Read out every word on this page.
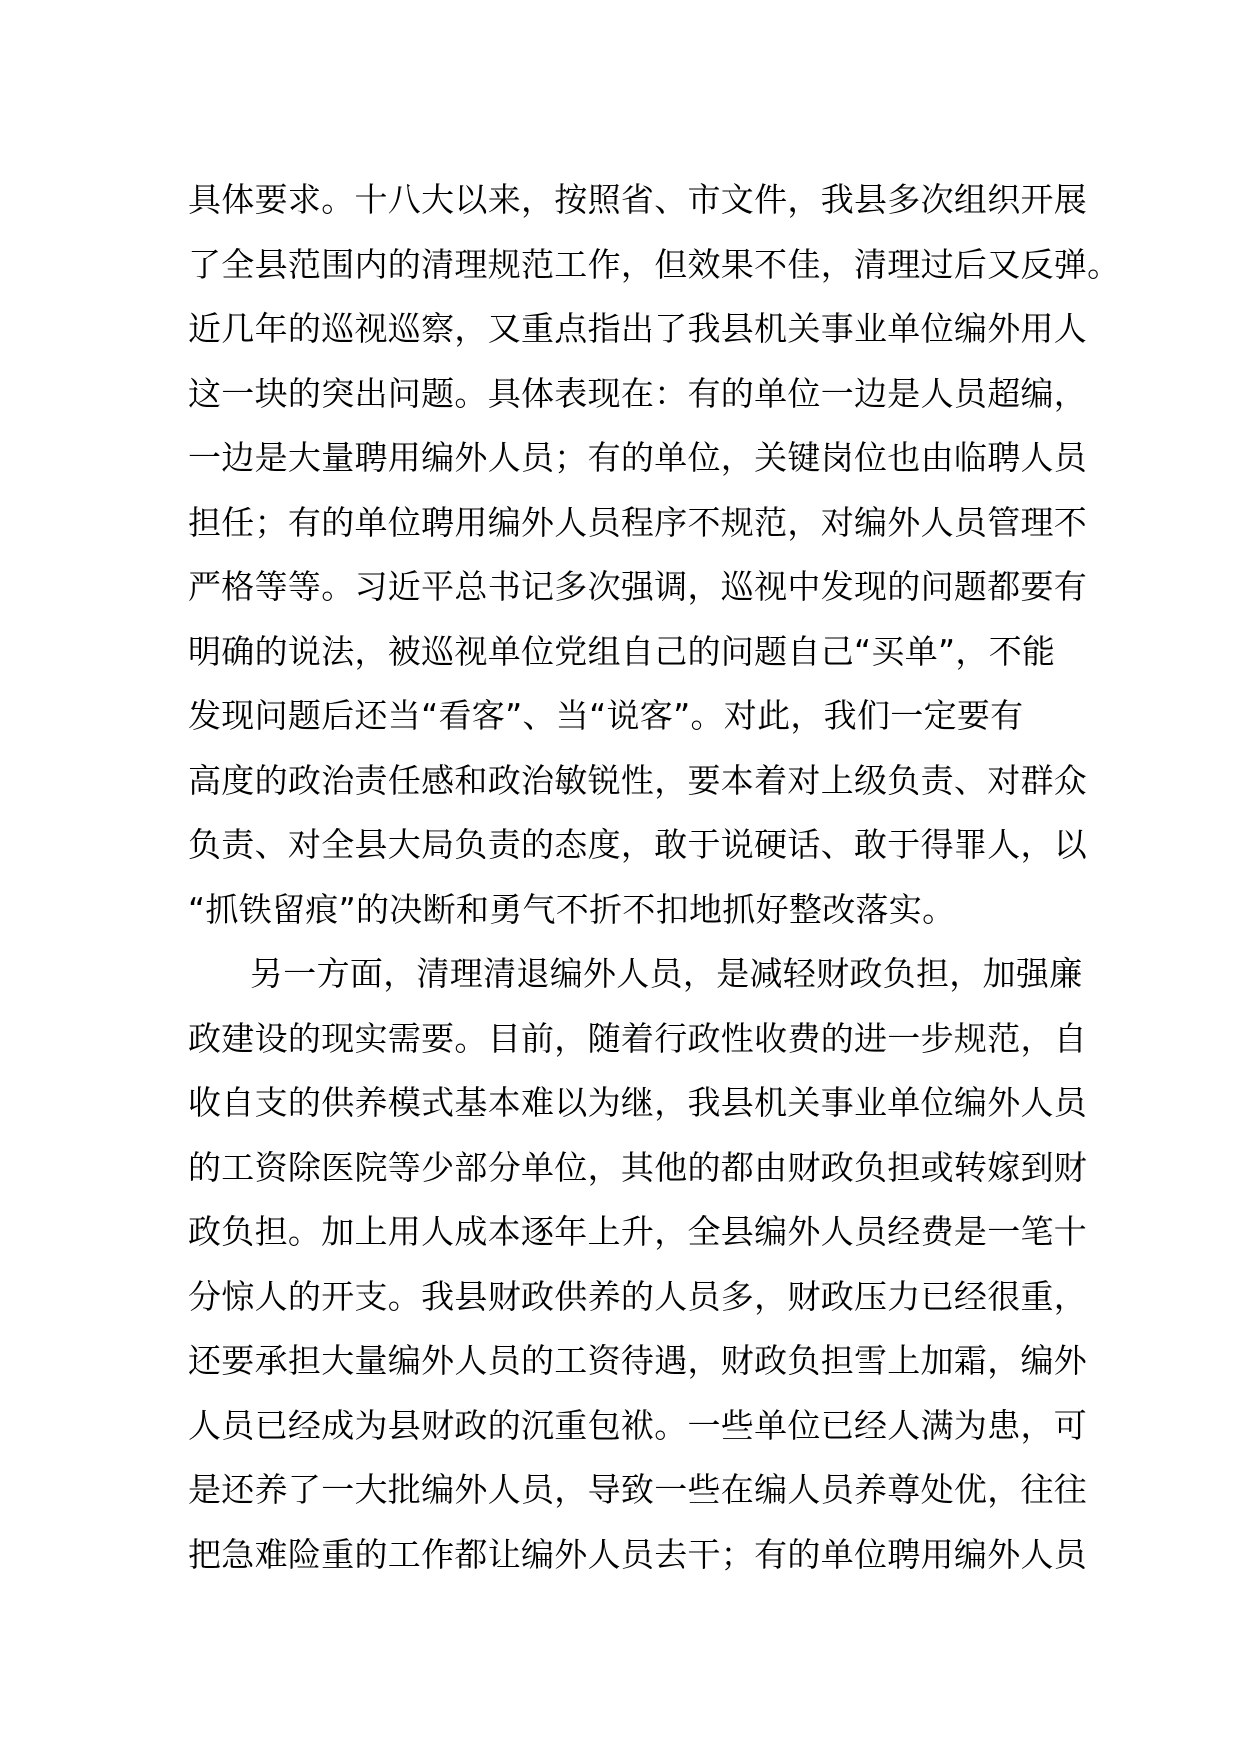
具体要求。十八大以来，按照省、市文件，我县多次组织开展
了全县范围内的清理规范工作，但效果不佳，清理过后又反弹。
近几年的巡视巡察，又重点指出了我县机关事业单位编外用人
这一块的突出问题。具体表现在：有的单位一边是人员超编，
一边是大量聘用编外人员；有的单位，关键岗位也由临聘人员
担任；有的单位聘用编外人员程序不规范，对编外人员管理不
严格等等。习近平总书记多次强调，巡视中发现的问题都要有
明确的说法，被巡视单位党组自己的问题自己“买单”，不能
发现问题后还当“看客”、当“说客”。对此，我们一定要有
高度的政治责任感和政治敏锐性，要本着对上级负责、对群众
负责、对全县大局负责的态度，敢于说硬话、敢于得罪人，以
“抓铁留痕”的决断和勇气不折不扣地抓好整改落实。
另一方面，清理清退编外人员，是减轻财政负担，加强廉
政建设的现实需要。目前，随着行政性收费的进一步规范，自
收自支的供养模式基本难以为继，我县机关事业单位编外人员
的工资除医院等少部分单位，其他的都由财政负担或转嫁到财
政负担。加上用人成本逐年上升，全县编外人员经费是一笔十
分惊人的开支。我县财政供养的人员多，财政压力已经很重，
还要承担大量编外人员的工资待遇，财政负担雪上加霜，编外
人员已经成为县财政的沉重包袱。一些单位已经人满为患，可
是还养了一大批编外人员，导致一些在编人员养尊处优，往往
把急难险重的工作都让编外人员去干；有的单位聘用编外人员
